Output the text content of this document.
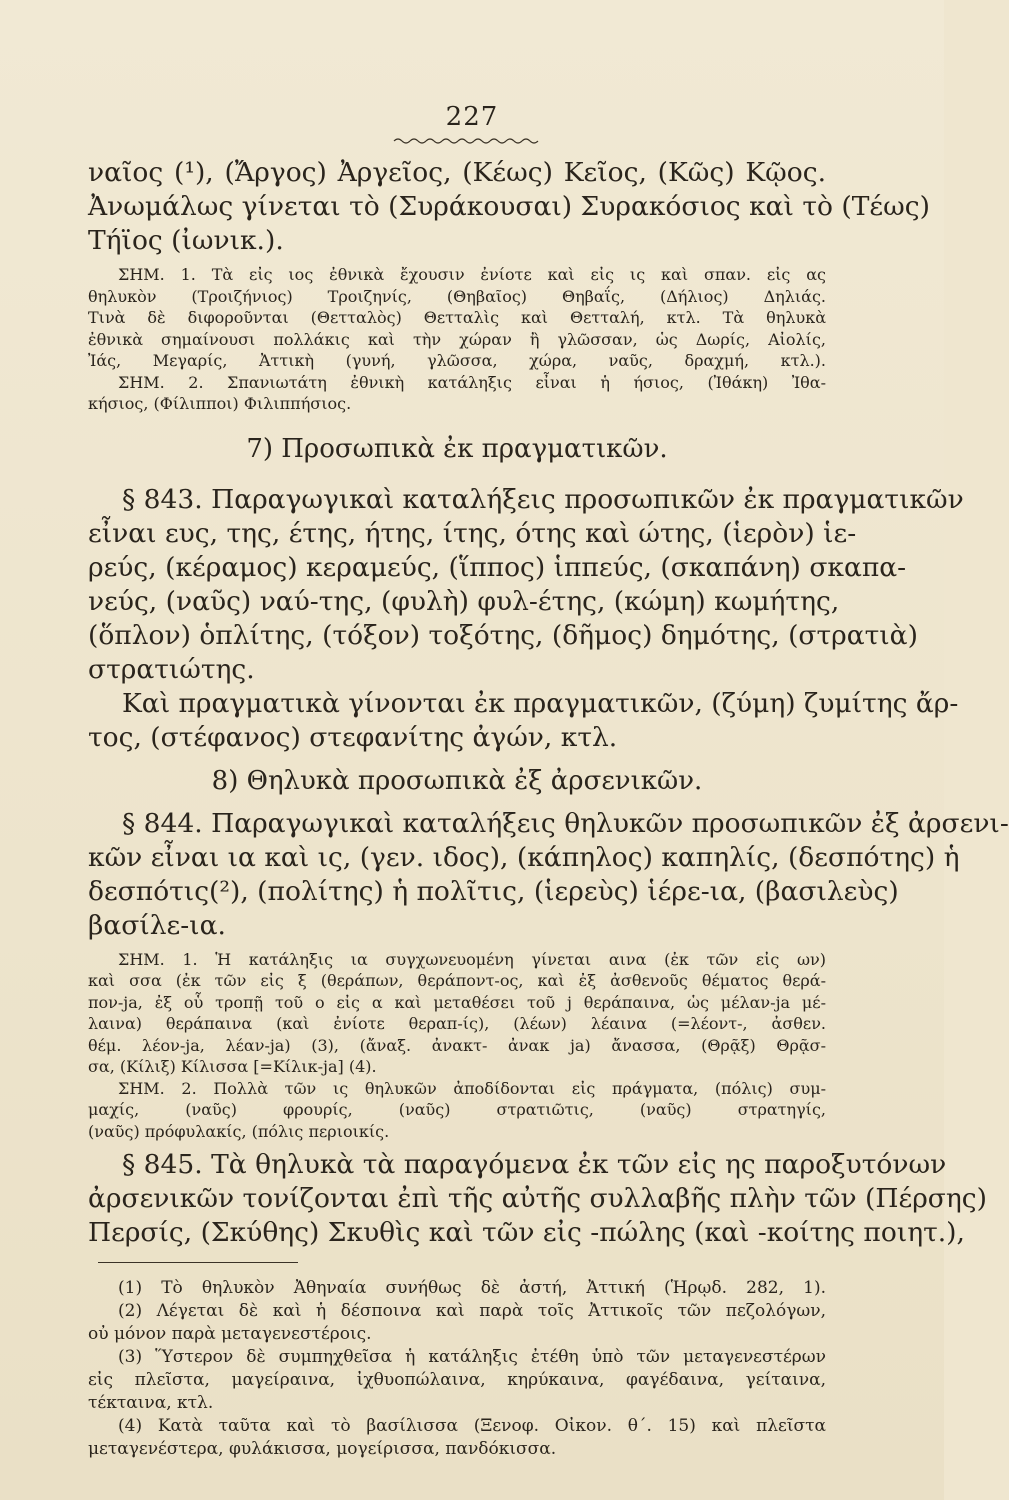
227
ναῖος (¹), (Ἄργος) Ἀργεῖος, (Κέως) Κεῖος, (Κῶς) Κῷος.
Ἀνωμάλως γίνεται τὸ (Συράκουσαι) Συρακόσιος καὶ τὸ (Τέως)
Τήϊος (ἰωνικ.).
ΣΗΜ. 1. Τὰ εἰς ιος ἐθνικὰ ἔχουσιν ἐνίοτε καὶ εἰς ις καὶ σπαν. εἰς ας
θηλυκὸν (Τροιζήνιος) Τροιζηνίς, (Θηβαῖος) Θηβαΐς, (Δήλιος) Δηλιάς.
Τινὰ δὲ διφοροῦνται (Θετταλὸς) Θετταλὶς καὶ Θετταλή, κτλ. Τὰ θηλυκὰ
ἐθνικὰ σημαίνουσι πολλάκις καὶ τὴν χώραν ἢ γλῶσσαν, ὡς Δωρίς, Αἰολίς,
Ἰάς, Μεγαρίς, Ἀττικὴ (γυνή, γλῶσσα, χώρα, ναῦς, δραχμή, κτλ.).
ΣΗΜ. 2. Σπανιωτάτη ἐθνικὴ κατάληξις εἶναι ἡ ήσιος, (Ἰθάκη) Ἰθα-
κήσιος, (Φίλιπποι) Φιλιππήσιος.
7) Προσωπικὰ ἐκ πραγματικῶν.
§ 843. Παραγωγικαὶ καταλήξεις προσωπικῶν ἐκ πραγματικῶν
εἶναι ευς, της, έτης, ήτης, ίτης, ότης καὶ ώτης, (ἱερὸν) ἱε-
ρεύς, (κέραμος) κεραμεύς, (ἵππος) ἱππεύς, (σκαπάνη) σκαπα-
νεύς, (ναῦς) ναύ-της, (φυλὴ) φυλ-έτης, (κώμη) κωμήτης,
(ὅπλον) ὁπλίτης, (τόξον) τοξότης, (δῆμος) δημότης, (στρατιὰ)
στρατιώτης.
Καὶ πραγματικὰ γίνονται ἐκ πραγματικῶν, (ζύμη) ζυμίτης ἄρ-
τος, (στέφανος) στεφανίτης ἀγών, κτλ.
8) Θηλυκὰ προσωπικὰ ἐξ ἀρσενικῶν.
§ 844. Παραγωγικαὶ καταλήξεις θηλυκῶν προσωπικῶν ἐξ ἀρσενι-
κῶν εἶναι ια καὶ ις, (γεν. ιδος), (κάπηλος) καπηλίς, (δεσπότης) ἡ
δεσπότις(²), (πολίτης) ἡ πολῖτις, (ἱερεὺς) ἱέρε-ια, (βασιλεὺς)
βασίλε-ια.
ΣΗΜ. 1. Ἡ κατάληξις ια συγχωνευομένη γίνεται αινα (ἐκ τῶν εἰς ων)
καὶ σσα (ἐκ τῶν εἰς ξ (θεράπων, θεράποντ-ος, καὶ ἐξ ἀσθενοῦς θέματος θερά-
πον-ja, ἐξ οὗ τροπῇ τοῦ ο εἰς α καὶ μεταθέσει τοῦ j θεράπαινα, ὡς μέλαν-ja μέ-
λαινα) θεράπαινα (καὶ ἐνίοτε θεραπ-ίς), (λέων) λέαινα (=λέοντ-, ἀσθεν.
θέμ. λέον-ja, λέαν-ja) (3), (ἄναξ. ἀνακτ- ἀνακ ja) ἄνασσα, (Θρᾷξ) Θρᾷσ-
σα, (Κίλιξ) Κίλισσα [=Κίλικ-ja] (4).
ΣΗΜ. 2. Πολλὰ τῶν ις θηλυκῶν ἀποδίδονται εἰς πράγματα, (πόλις) συμ-
μαχίς, (ναῦς) φρουρίς, (ναῦς) στρατιῶτις, (ναῦς) στρατηγίς,
(ναῦς) πρόφυλακίς, (πόλις περιοικίς.
§ 845. Τὰ θηλυκὰ τὰ παραγόμενα ἐκ τῶν εἰς ης παροξυτόνων
ἀρσενικῶν τονίζονται ἐπὶ τῆς αὐτῆς συλλαβῆς πλὴν τῶν (Πέρσης)
Περσίς, (Σκύθης) Σκυθὶς καὶ τῶν εἰς -πώλης (καὶ -κοίτης ποιητ.),
(1) Τὸ θηλυκὸν Ἀθηναία συνήθως δὲ ἀστή, Ἀττική (Ἡρῳδ. 282, 1).
(2) Λέγεται δὲ καὶ ἡ δέσποινα καὶ παρὰ τοῖς Ἀττικοῖς τῶν πεζολόγων,
οὐ μόνον παρὰ μεταγενεστέροις.
(3) Ὕστερον δὲ συμπηχθεῖσα ἡ κατάληξις ἐτέθη ὑπὸ τῶν μεταγενεστέρων
εἰς πλεῖστα, μαγείραινα, ἰχθυοπώλαινα, κηρύκαινα, φαγέδαινα, γείταινα,
τέκταινα, κτλ.
(4) Κατὰ ταῦτα καὶ τὸ βασίλισσα (Ξενοφ. Οἰκον. θ΄. 15) καὶ πλεῖστα
μεταγενέστερα, φυλάκισσα, μογείρισσα, πανδόκισσα.
